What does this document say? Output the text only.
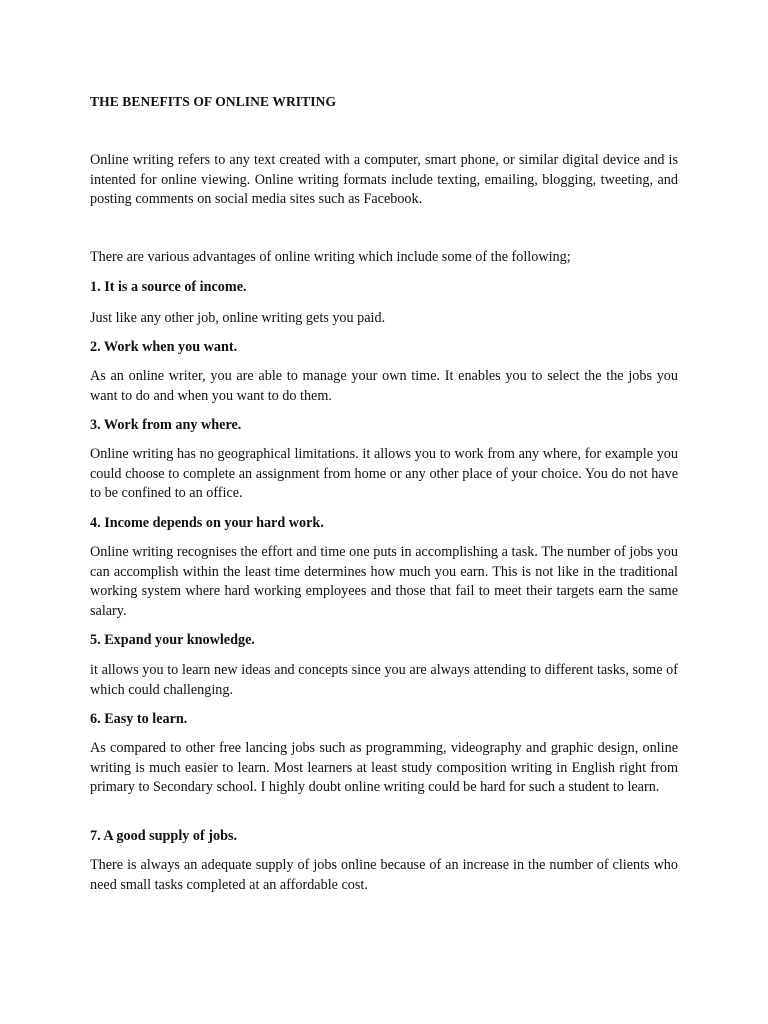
THE BENEFITS OF ONLINE WRITING

Online writing refers to any text created with a computer, smart phone, or similar digital device and is intented for online viewing. Online writing formats include texting, emailing, blogging, tweeting, and posting comments on social media sites such as Facebook.

There are various advantages of online writing which include some of the following;

1. It is a source of income.

Just like any other job, online writing gets you paid.

2. Work when you want.

As an online writer, you are able to manage your own time. It enables you to select the the jobs you want to do and when you want to do them.

3. Work from any where.

Online writing has no geographical limitations. it allows you to work from any where, for example you could choose to complete an assignment from home or any other place of your choice. You do not have to be confined to an office.

4. Income depends on your hard work.

Online writing recognises the effort and time one puts in accomplishing a task. The number of jobs you can accomplish within the least time determines how much you earn. This is not like in the traditional working system where hard working employees and those that fail to meet their targets earn the same salary.

5. Expand your knowledge.

it allows you to learn new ideas and concepts since you are always attending to different tasks, some of which could challenging.

6. Easy to learn.

As compared to other free lancing jobs such as programming, videography and graphic design, online writing is much easier to learn. Most learners at least study composition writing in English right from primary to Secondary school. I highly doubt online writing could be hard for such a student to learn.

7. A good supply of jobs.

There is always an adequate supply of jobs online because of an increase in the number of clients who need small tasks completed at an affordable cost.
